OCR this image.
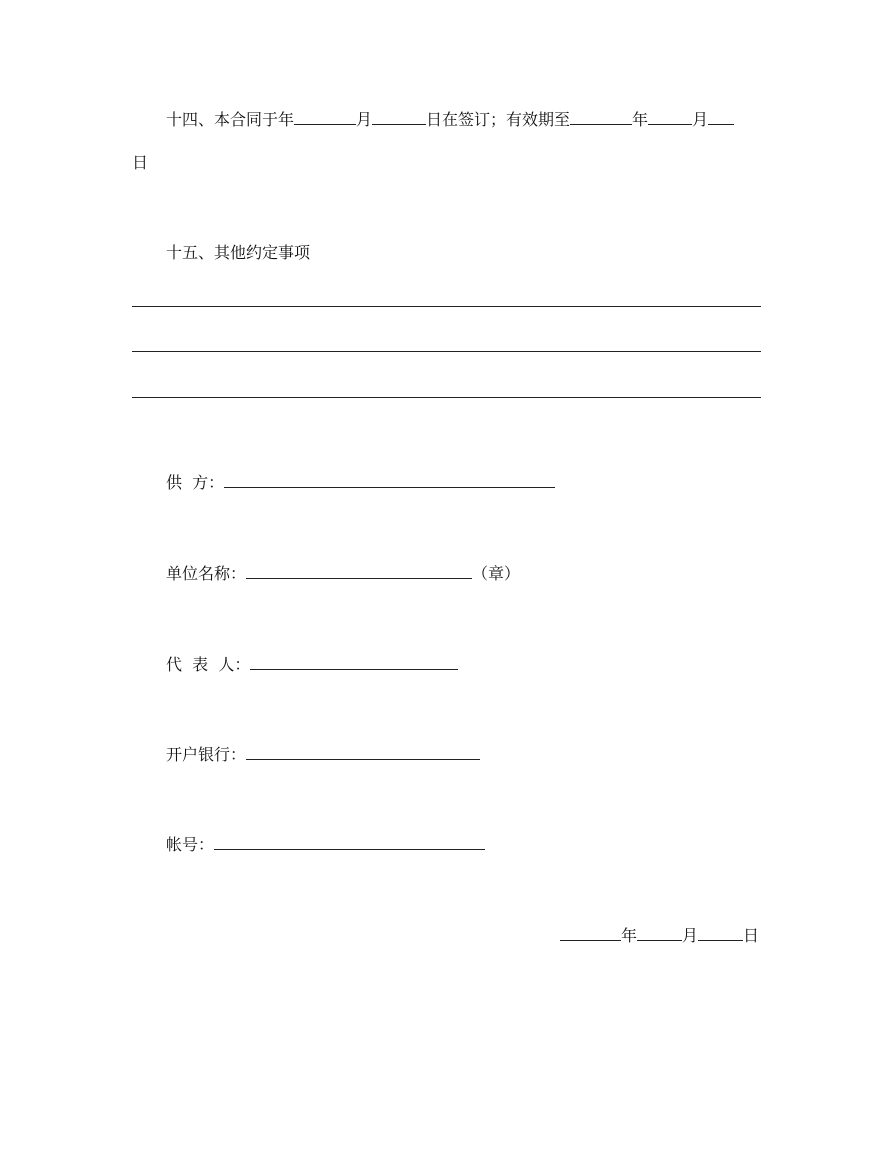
十四、本合同于年	月	日在签订；有效期至	年	月
日
十五、其他约定事项
供  方：
单位名称：	（章）
代  表  人：
开户银行：
帐号：
年	月	日
